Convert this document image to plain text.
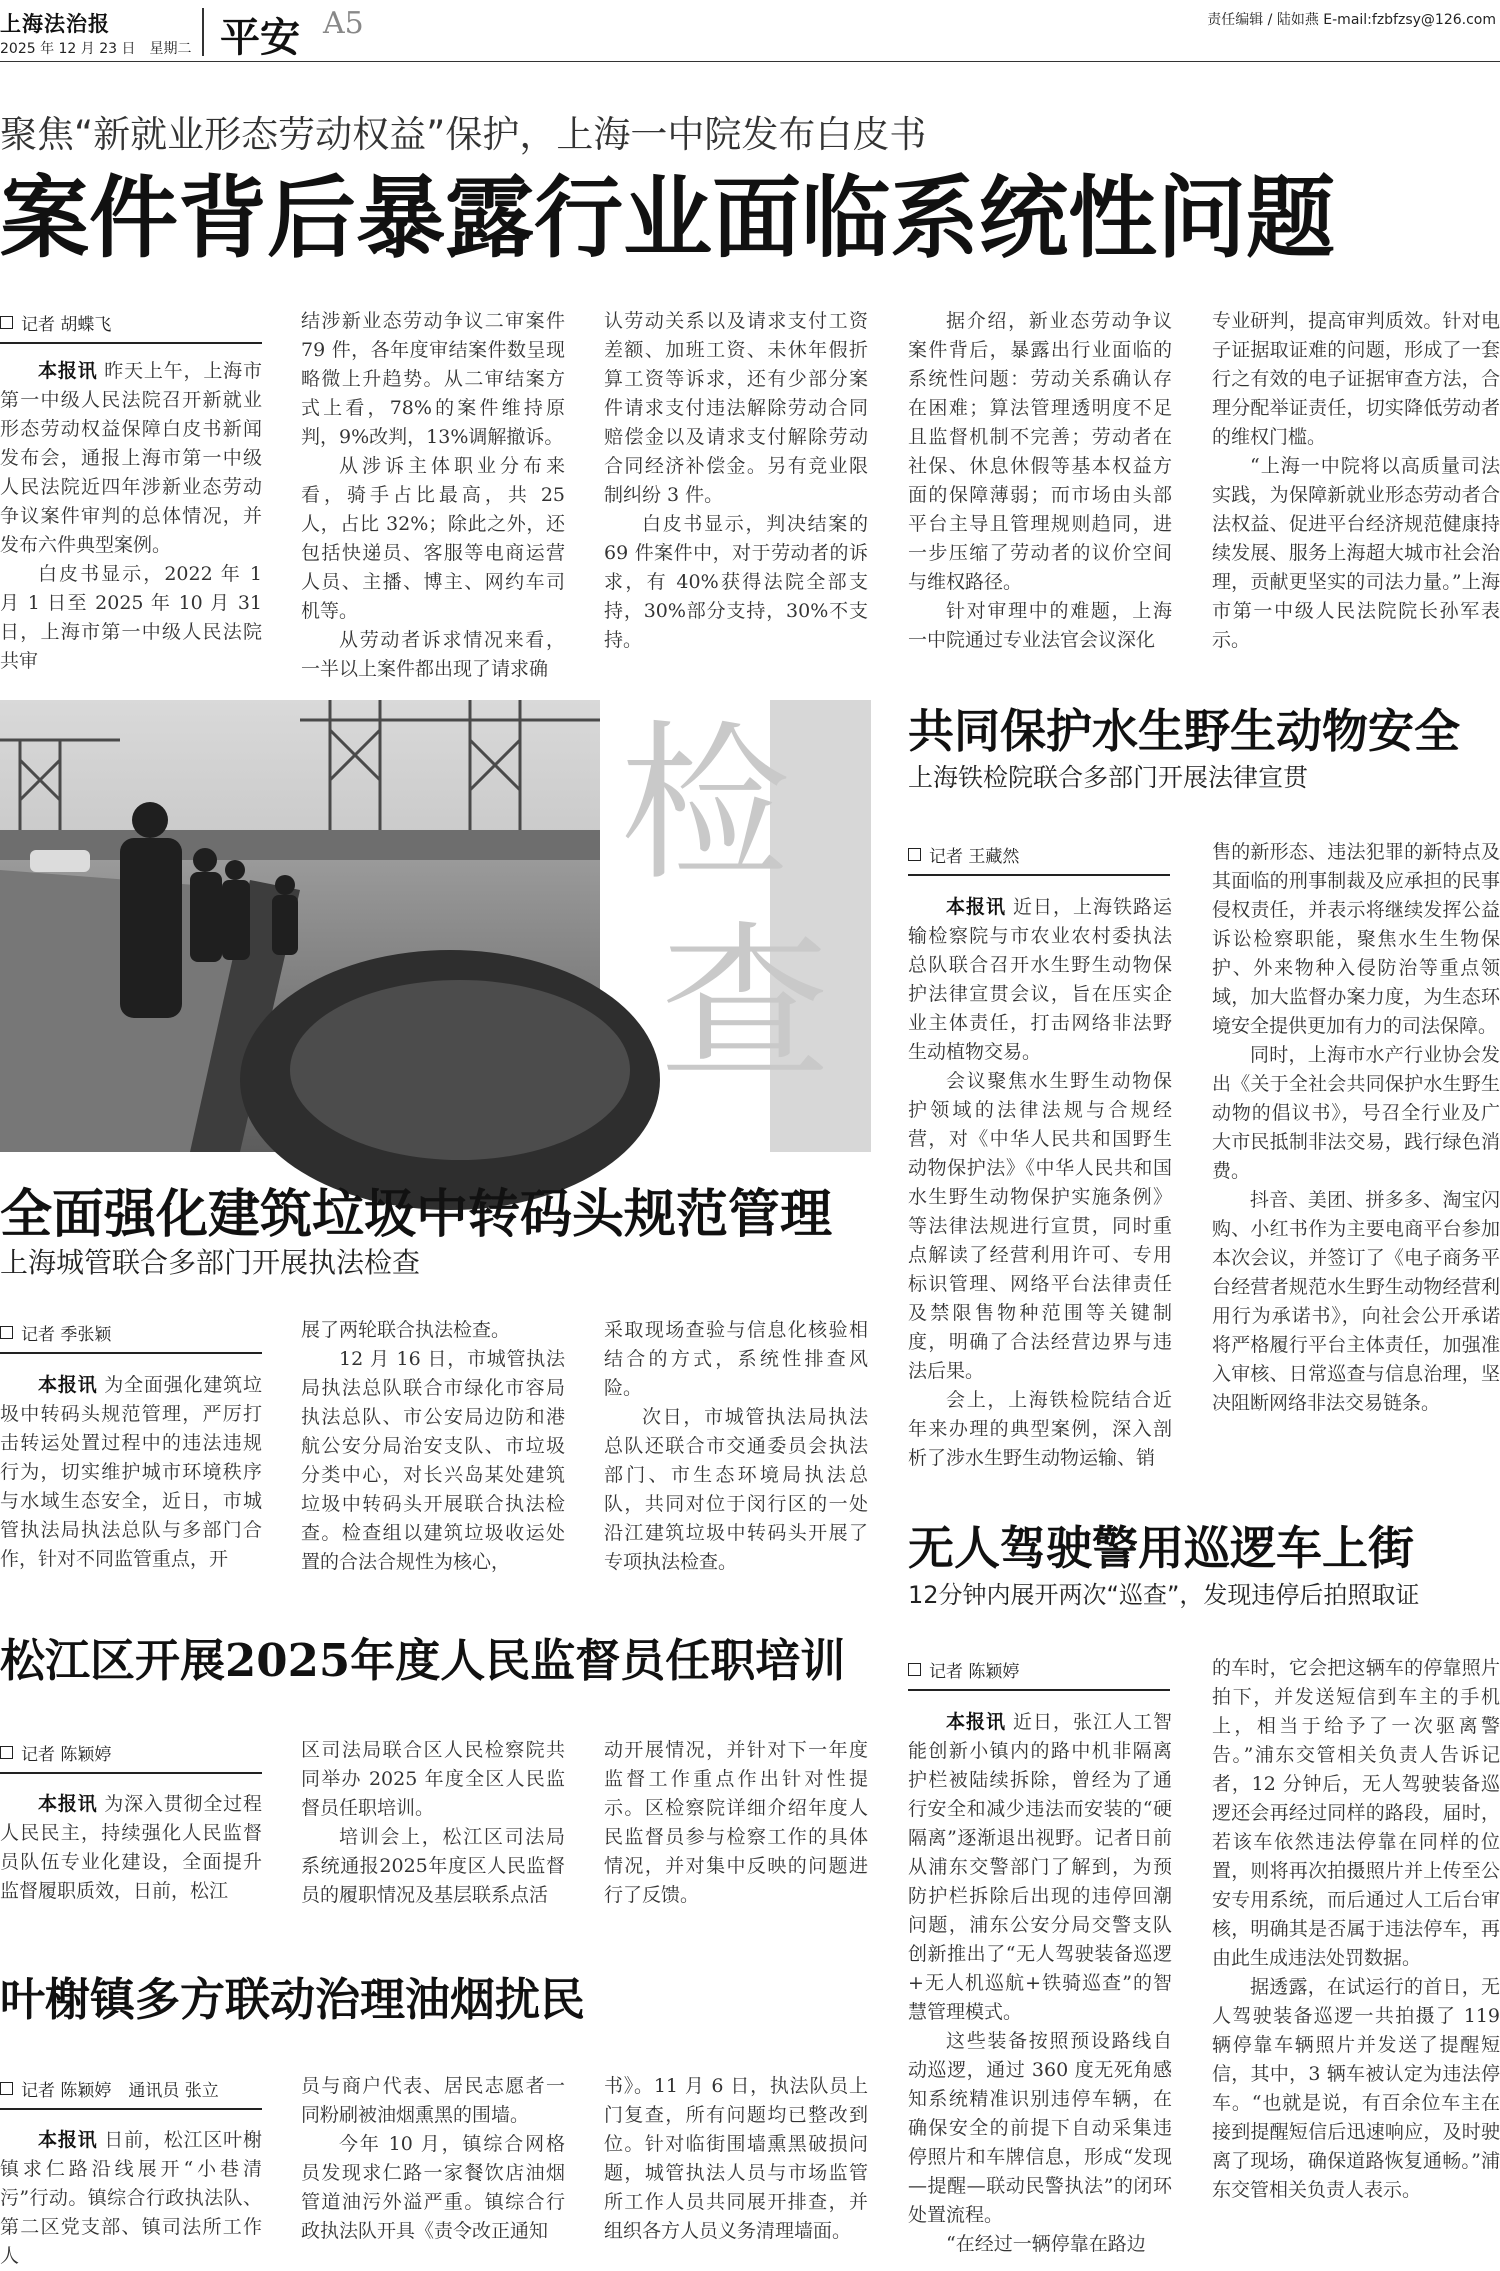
上海法治报
2025 年 12 月 23 日　星期二 平安 A5	责任编辑 / 陆如燕 E-mail:fzbfzsy@126.com
聚焦“新就业形态劳动权益”保护，上海一中院发布白皮书
案件背后暴露行业面临系统性问题
记者 胡蝶飞

本报讯 昨天上午，上海市第一中级人民法院召开新就业形态劳动权益保障白皮书新闻发布会，通报上海市第一中级人民法院近四年涉新业态劳动争议案件审判的总体情况，并发布六件典型案例。

白皮书显示，2022 年 1 月 1 日至 2025 年 10 月 31 日，上海市第一中级人民法院共审

结涉新业态劳动争议二审案件 79 件，各年度审结案件数呈现略微上升趋势。从二审结案方式上看，78%的案件维持原判，9%改判，13%调解撤诉。

从涉诉主体职业分布来看，骑手占比最高，共 25 人，占比 32%；除此之外，还包括快递员、客服等电商运营人员、主播、博主、网约车司机等。

从劳动者诉求情况来看，一半以上案件都出现了请求确

认劳动关系以及请求支付工资差额、加班工资、未休年假折算工资等诉求，还有少部分案件请求支付违法解除劳动合同赔偿金以及请求支付解除劳动合同经济补偿金。另有竞业限制纠纷 3 件。

白皮书显示，判决结案的 69 件案件中，对于劳动者的诉求，有 40%获得法院全部支持，30%部分支持，30%不支持。

据介绍，新业态劳动争议案件背后，暴露出行业面临的系统性问题：劳动关系确认存在困难；算法管理透明度不足且监督机制不完善；劳动者在社保、休息休假等基本权益方面的保障薄弱；而市场由头部平台主导且管理规则趋同，进一步压缩了劳动者的议价空间与维权路径。

针对审理中的难题，上海一中院通过专业法官会议深化

专业研判，提高审判质效。针对电子证据取证难的问题，形成了一套行之有效的电子证据审查方法，合理分配举证责任，切实降低劳动者的维权门槛。

“上海一中院将以高质量司法实践，为保障新就业形态劳动者合法权益、促进平台经济规范健康持续发展、服务上海超大城市社会治理，贡献更坚实的司法力量。”上海市第一中级人民法院院长孙军表示。

检
查
全面强化建筑垃圾中转码头规范管理
上海城管联合多部门开展执法检查
记者 季张颖

本报讯 为全面强化建筑垃圾中转码头规范管理，严厉打击转运处置过程中的违法违规行为，切实维护城市环境秩序与水域生态安全，近日，市城管执法局执法总队与多部门合作，针对不同监管重点，开

展了两轮联合执法检查。

12 月 16 日，市城管执法局执法总队联合市绿化市容局执法总队、市公安局边防和港航公安分局治安支队、市垃圾分类中心，对长兴岛某处建筑垃圾中转码头开展联合执法检查。检查组以建筑垃圾收运处置的合法合规性为核心，

采取现场查验与信息化核验相结合的方式，系统性排查风险。

次日，市城管执法局执法总队还联合市交通委员会执法部门、市生态环境局执法总队，共同对位于闵行区的一处沿江建筑垃圾中转码头开展了专项执法检查。

松江区开展2025年度人民监督员任职培训
记者 陈颖婷

本报讯 为深入贯彻全过程人民民主，持续强化人民监督员队伍专业化建设，全面提升监督履职质效，日前，松江

区司法局联合区人民检察院共同举办 2025 年度全区人民监督员任职培训。

培训会上，松江区司法局系统通报2025年度区人民监督员的履职情况及基层联系点活

动开展情况，并针对下一年度监督工作重点作出针对性提示。区检察院详细介绍年度人民监督员参与检察工作的具体情况，并对集中反映的问题进行了反馈。

叶榭镇多方联动治理油烟扰民
记者 陈颖婷　通讯员 张立

本报讯 日前，松江区叶榭镇求仁路沿线展开“小巷清污”行动。镇综合行政执法队、第二区党支部、镇司法所工作人

员与商户代表、居民志愿者一同粉刷被油烟熏黑的围墙。

今年 10 月，镇综合网格员发现求仁路一家餐饮店油烟管道油污外溢严重。镇综合行政执法队开具《责令改正通知

书》。11 月 6 日，执法队员上门复查，所有问题均已整改到位。针对临街围墙熏黑破损问题，城管执法人员与市场监管所工作人员共同展开排查，并组织各方人员义务清理墙面。

共同保护水生野生动物安全
上海铁检院联合多部门开展法律宣贯
记者 王藏然

本报讯 近日，上海铁路运输检察院与市农业农村委执法总队联合召开水生野生动物保护法律宣贯会议，旨在压实企业主体责任，打击网络非法野生动植物交易。

会议聚焦水生野生动物保护领域的法律法规与合规经营，对《中华人民共和国野生动物保护法》《中华人民共和国水生野生动物保护实施条例》等法律法规进行宣贯，同时重点解读了经营利用许可、专用标识管理、网络平台法律责任及禁限售物种范围等关键制度，明确了合法经营边界与违法后果。

会上，上海铁检院结合近年来办理的典型案例，深入剖析了涉水生野生动物运输、销

售的新形态、违法犯罪的新特点及其面临的刑事制裁及应承担的民事侵权责任，并表示将继续发挥公益诉讼检察职能，聚焦水生生物保护、外来物种入侵防治等重点领域，加大监督办案力度，为生态环境安全提供更加有力的司法保障。

同时，上海市水产行业协会发出《关于全社会共同保护水生野生动物的倡议书》，号召全行业及广大市民抵制非法交易，践行绿色消费。

抖音、美团、拼多多、淘宝闪购、小红书作为主要电商平台参加本次会议，并签订了《电子商务平台经营者规范水生野生动物经营利用行为承诺书》，向社会公开承诺将严格履行平台主体责任，加强准入审核、日常巡查与信息治理，坚决阻断网络非法交易链条。

无人驾驶警用巡逻车上街
12分钟内展开两次“巡查”，发现违停后拍照取证
记者 陈颖婷

本报讯 近日，张江人工智能创新小镇内的路中机非隔离护栏被陆续拆除，曾经为了通行安全和减少违法而安装的“硬隔离”逐渐退出视野。记者日前从浦东交警部门了解到，为预防护栏拆除后出现的违停回潮问题，浦东公安分局交警支队创新推出了“无人驾驶装备巡逻+无人机巡航+铁骑巡查”的智慧管理模式。

这些装备按照预设路线自动巡逻，通过 360 度无死角感知系统精准识别违停车辆，在确保安全的前提下自动采集违停照片和车牌信息，形成“发现—提醒—联动民警执法”的闭环处置流程。

“在经过一辆停靠在路边

的车时，它会把这辆车的停靠照片拍下，并发送短信到车主的手机上，相当于给予了一次驱离警告。”浦东交管相关负责人告诉记者，12 分钟后，无人驾驶装备巡逻还会再经过同样的路段，届时，若该车依然违法停靠在同样的位置，则将再次拍摄照片并上传至公安专用系统，而后通过人工后台审核，明确其是否属于违法停车，再由此生成违法处罚数据。

据透露，在试运行的首日，无人驾驶装备巡逻一共拍摄了 119 辆停靠车辆照片并发送了提醒短信，其中，3 辆车被认定为违法停车。“也就是说，有百余位车主在接到提醒短信后迅速响应，及时驶离了现场，确保道路恢复通畅。”浦东交管相关负责人表示。
